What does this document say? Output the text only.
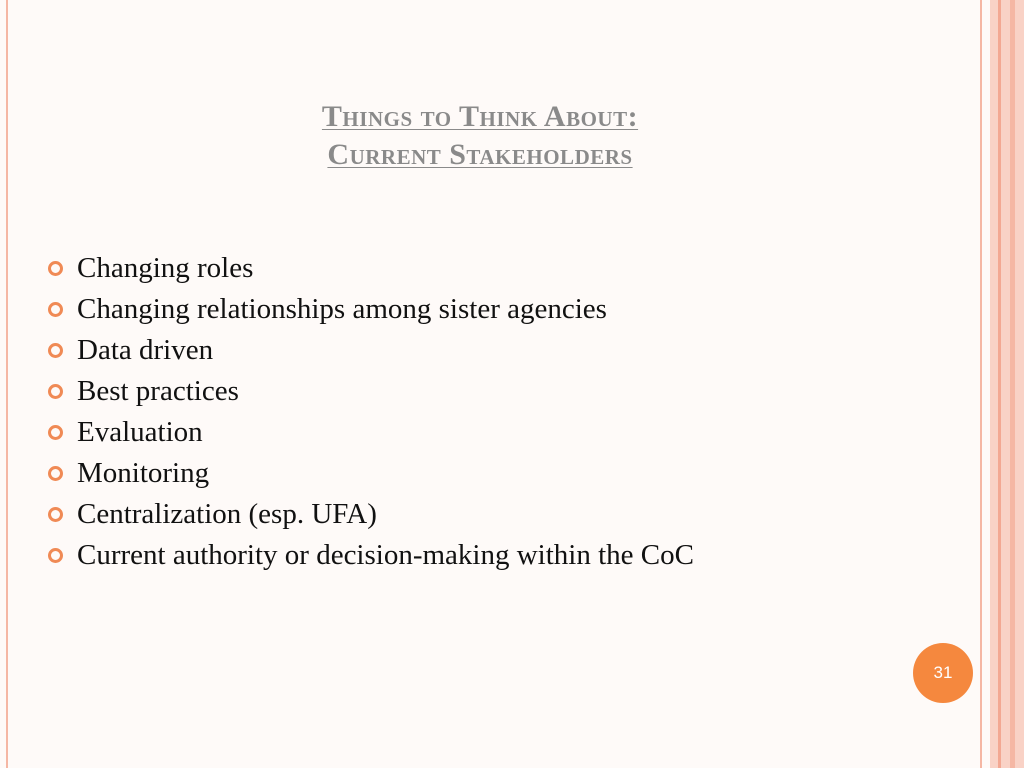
Things to Think About:
Current Stakeholders
Changing roles
Changing relationships among sister agencies
Data driven
Best practices
Evaluation
Monitoring
Centralization (esp. UFA)
Current authority or decision-making within the CoC
31
